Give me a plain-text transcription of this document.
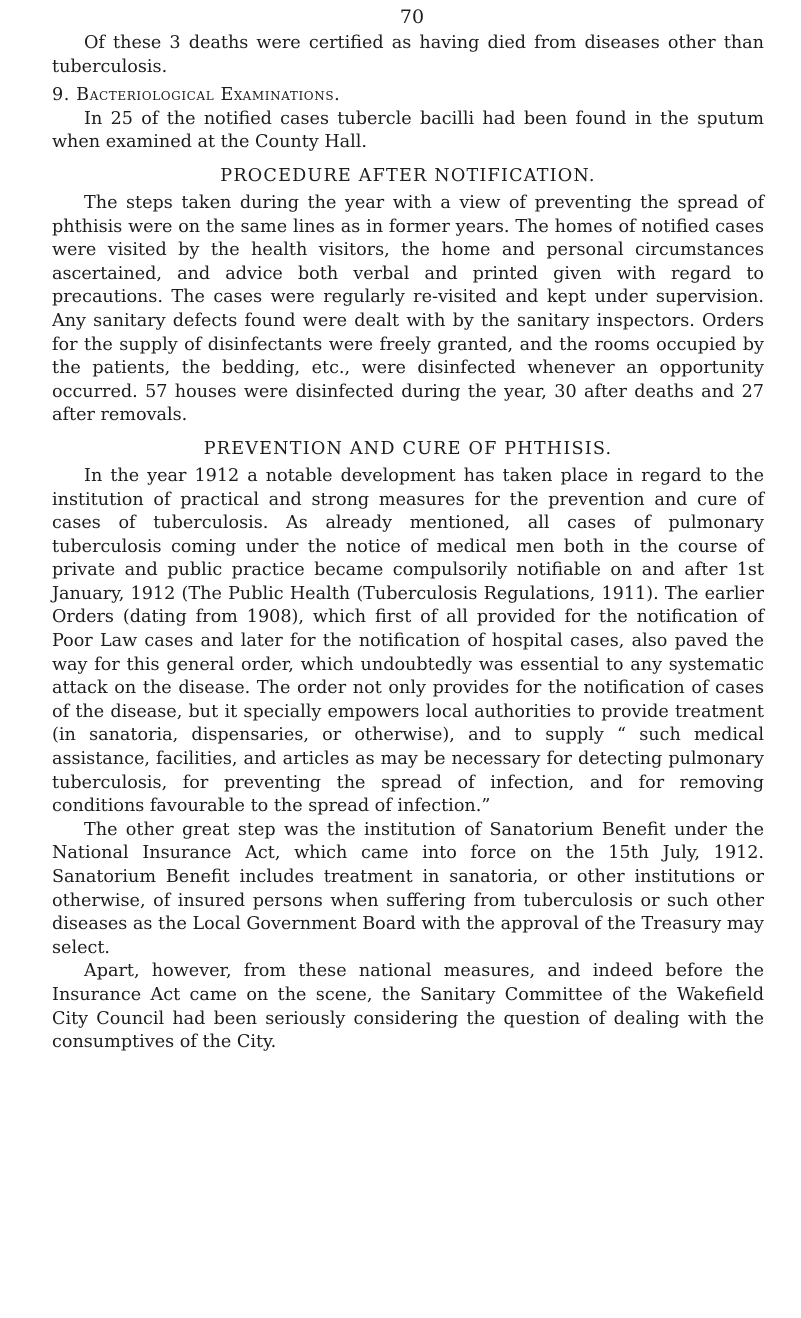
70

Of these 3 deaths were certified as having died from diseases other than tuberculosis.

9. Bacteriological Examinations.

In 25 of the notified cases tubercle bacilli had been found in the sputum when examined at the County Hall.

PROCEDURE AFTER NOTIFICATION.

The steps taken during the year with a view of preventing the spread of phthisis were on the same lines as in former years. The homes of notified cases were visited by the health visitors, the home and personal circumstances ascertained, and advice both verbal and printed given with regard to precautions. The cases were regularly re-visited and kept under supervision. Any sanitary defects found were dealt with by the sanitary inspectors. Orders for the supply of disinfectants were freely granted, and the rooms occupied by the patients, the bedding, etc., were disinfected whenever an opportunity occurred. 57 houses were disinfected during the year, 30 after deaths and 27 after removals.

PREVENTION AND CURE OF PHTHISIS.

In the year 1912 a notable development has taken place in regard to the institution of practical and strong measures for the prevention and cure of cases of tuberculosis. As already mentioned, all cases of pulmonary tuberculosis coming under the notice of medical men both in the course of private and public practice became compulsorily notifiable on and after 1st January, 1912 (The Public Health (Tuberculosis Regulations, 1911). The earlier Orders (dating from 1908), which first of all provided for the notification of Poor Law cases and later for the notification of hospital cases, also paved the way for this general order, which undoubtedly was essential to any systematic attack on the disease. The order not only provides for the notification of cases of the disease, but it specially empowers local authorities to provide treatment (in sanatoria, dispensaries, or otherwise), and to supply “ such medical assistance, facilities, and articles as may be necessary for detecting pulmonary tuberculosis, for preventing the spread of infection, and for removing conditions favourable to the spread of infection.”

The other great step was the institution of Sanatorium Benefit under the National Insurance Act, which came into force on the 15th July, 1912. Sanatorium Benefit includes treatment in sanatoria, or other institutions or otherwise, of insured persons when suffering from tuberculosis or such other diseases as the Local Government Board with the approval of the Treasury may select.

Apart, however, from these national measures, and indeed before the Insurance Act came on the scene, the Sanitary Committee of the Wakefield City Council had been seriously considering the question of dealing with the consumptives of the City.
